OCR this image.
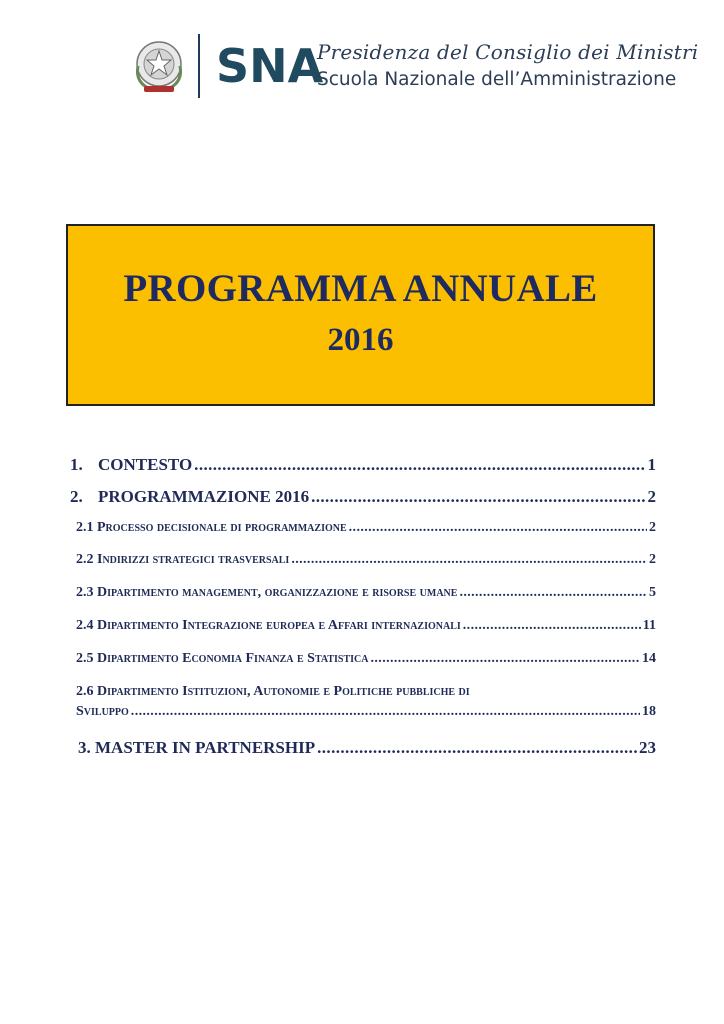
SNA
Presidenza del Consiglio dei Ministri
Scuola Nazionale dell’Amministrazione
PROGRAMMA ANNUALE
2016
1. CONTESTO .....	1
2. PROGRAMMAZIONE 2016 .....	2
2.1 Processo decisionale di programmazione .....	2
2.2 Indirizzi strategici trasversali .....	2
2.3 Dipartimento management, organizzazione e risorse umane .....	5
2.4 Dipartimento Integrazione europea e Affari internazionali .....	11
2.5 Dipartimento Economia Finanza e Statistica .....	14
2.6 Dipartimento Istituzioni, Autonomie e Politiche pubbliche di
Sviluppo .....	18
3. MASTER IN PARTNERSHIP .....	23
